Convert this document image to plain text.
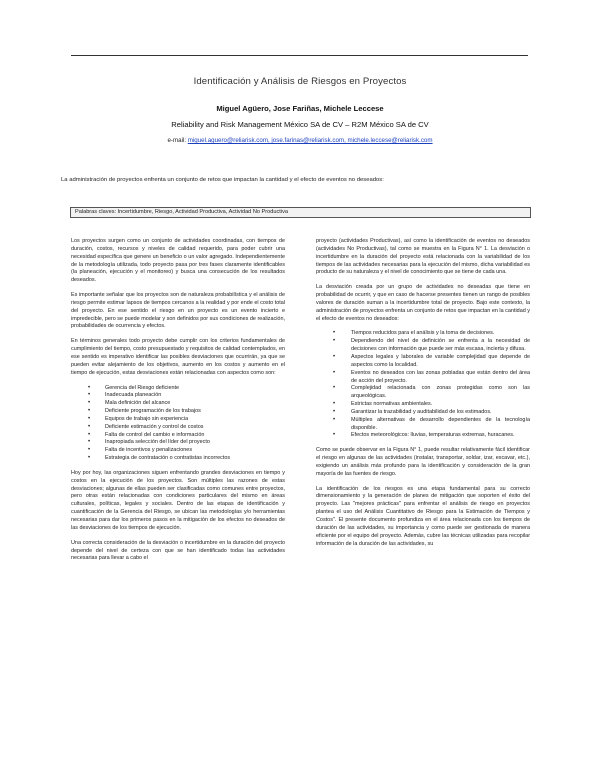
Identificación y Análisis de Riesgos en Proyectos
Miguel Agüero, Jose Fariñas, Michele Leccese
Reliability and Risk Management México SA de CV – R2M México SA de CV
e-mail: miguel.aguero@reliarisk.com, jose.farinas@reliarisk.com, michele.leccese@reliarisk.com
La administración de proyectos enfrenta un conjunto de retos que impactan la cantidad y el efecto de eventos no deseados:
Palabras claves: Incertidumbre, Riesgo, Actividad Productiva, Actividad No Productiva

Los proyectos surgen como un conjunto de actividades coordinadas, con tiempos de duración, costos, recursos y niveles de calidad requerido, para poder cubrir una necesidad específica que genere un beneficio o un valor agregado. Independientemente de la metodología utilizada, todo proyecto pasa por tres fases claramente identificables (la planeación, ejecución y el monitoreo) y busca una consecución de los resultados deseados.

Es importante señalar que los proyectos son de naturaleza probabilística y el análisis de riesgo permite estimar lapsos de tiempos cercanos a la realidad y por ende el costo total del proyecto. En ese sentido el riesgo en un proyecto es un evento incierto e impredecible, pero se puede modelar y son definidos por sus condiciones de realización, probabilidades de ocurrencia y efectos.

En términos generales todo proyecto debe cumplir con los criterios fundamentales de cumplimiento del tiempo, costo presupuestado y requisitos de calidad contemplados, en ese sentido es imperativo identificar las posibles desviaciones que ocurrirán, ya que se pueden evitar alejamiento de los objetivos, aumento en los costos y aumento en el tiempo de ejecución, estas desviaciones están relacionadas con aspectos como son:

• Gerencia del Riesgo deficiente
• Inadecuada planeación
• Mala definición del alcance
• Deficiente programación de los trabajos
• Equipos de trabajo sin experiencia
• Deficiente estimación y control de costos
• Falta de control del cambio e información
• Inapropiada selección del líder del proyecto
• Falta de incentivos y penalizaciones
• Estrategia de contratación o contratistas incorrectos

Hoy por hoy, las organizaciones siguen enfrentando grandes desviaciones en tiempo y costos en la ejecución de los proyectos. Son múltiples las razones de estas desviaciones; algunas de ellas pueden ser clasificadas como comunes entre proyectos, pero otras están relacionadas con condiciones particulares del mismo en áreas culturales, políticas, legales y sociales. Dentro de las etapas de identificación y cuantificación de la Gerencia del Riesgo, se ubican las metodologías y/o herramientas necesarias para dar los primeros pasos en la mitigación de los efectos no deseados de las desviaciones de los tiempos de ejecución.

Una correcta consideración de la desviación o incertidumbre en la duración del proyecto depende del nivel de certeza con que se han identificado todas las actividades necesarias para llevar a cabo el

proyecto (actividades Productivas), así como la identificación de eventos no deseados (actividades No Productivas), tal como se muestra en la Figura N° 1. La desviación o incertidumbre en la duración del proyecto está relacionada con la variabilidad de los tiempos de las actividades necesarias para la ejecución del mismo, dicha variabilidad es producto de su naturaleza y el nivel de conocimiento que se tiene de cada una.

La desviación creada por un grupo de actividades no deseadas que tiene en probabilidad de ocurrir, y que en caso de hacerse presentes tienen un rango de posibles valores de duración suman a la incertidumbre total de proyecto. Bajo este contexto, la administración de proyectos enfrenta un conjunto de retos que impactan en la cantidad y el efecto de eventos no deseados:

• Tiempos reducidos para el análisis y la toma de decisiones.
• Dependiendo del nivel de definición se enfrenta a la necesidad de decisiones con información que puede ser más escasa, incierta y difusa.
• Aspectos legales y laborales de variable complejidad que depende de aspectos como la localidad.
• Eventos no deseados con las zonas pobladas que están dentro del área de acción del proyecto.
• Complejidad relacionada con zonas protegidas como son las arqueológicas.
• Estrictas normativas ambientales.
• Garantizar la trazabilidad y auditabilidad de los estimados.
• Múltiples alternativas de desarrollo dependientes de la tecnología disponible.
• Efectos meteorológicos: lluvias, temperaturas extremas, huracanes.

Como se puede observar en la Figura N° 1, puede resultar relativamente fácil identificar el riesgo en algunas de las actividades (instalar, transportar, soldar, izar, excavar, etc.), exigiendo un análisis más profundo para la identificación y consideración de la gran mayoría de las fuentes de riesgo.

La identificación de los riesgos es una etapa fundamental para su correcto dimensionamiento y la generación de planes de mitigación que soporten el éxito del proyecto. Las "mejores prácticas" para enfrentar el análisis de riesgo en proyectos plantea el uso del Análisis Cuantitativo de Riesgo para la Estimación de Tiempos y Costos". El presente documento profundiza en el área relacionada con los tiempos de duración de las actividades, su importancia y como puede ser gestionada de manera eficiente por el equipo del proyecto. Además, cubre las técnicas utilizadas para recopilar información de la duración de las actividades, su
